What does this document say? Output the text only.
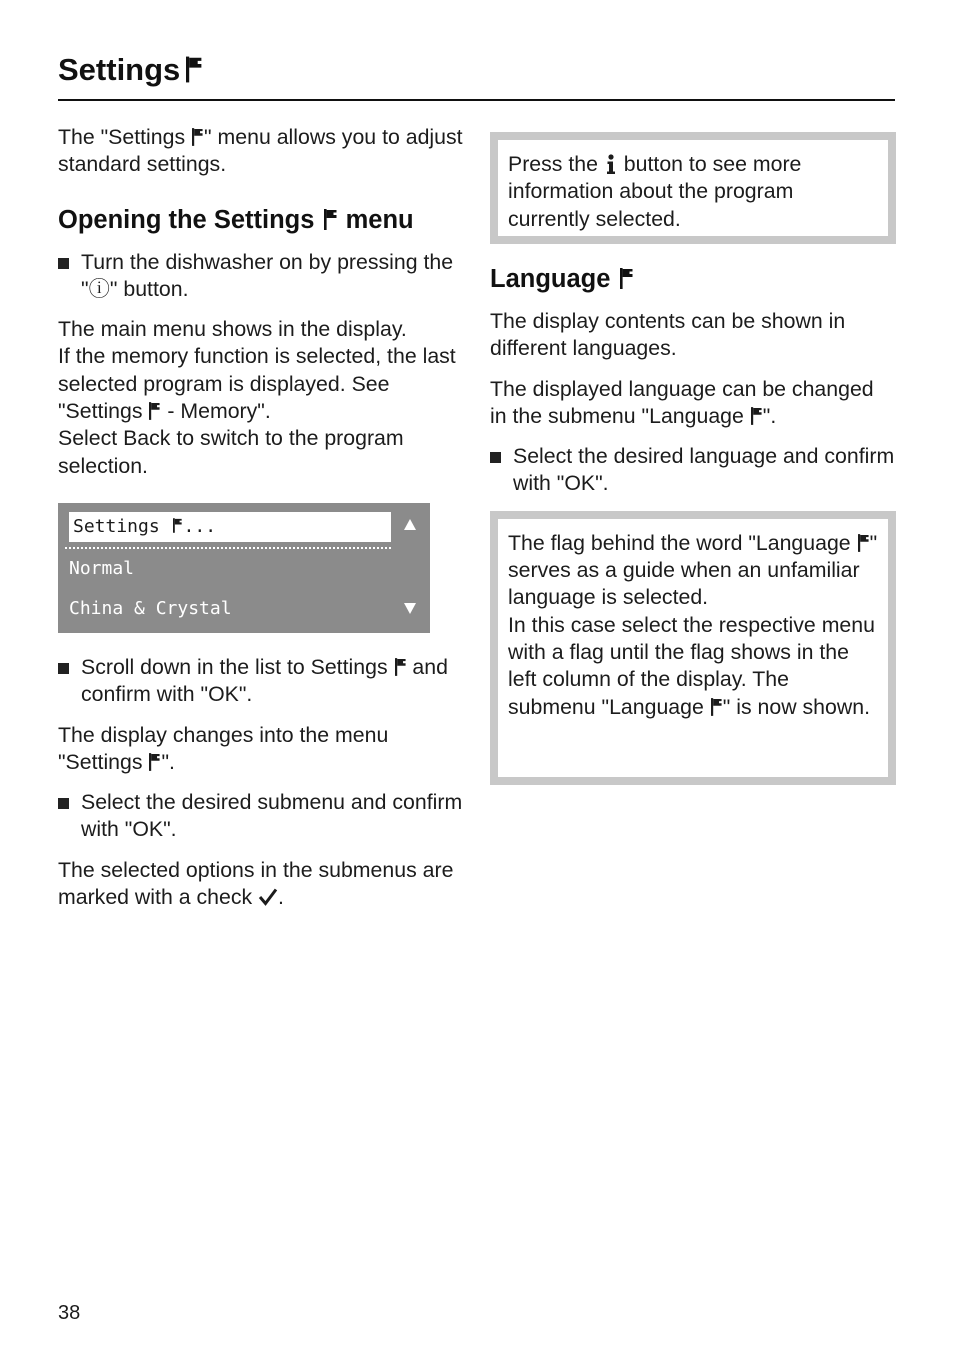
Settings

The "Settings " menu allows you to adjust standard settings.

Opening the Settings  menu
Turn the dishwasher on by pressing the "ⓘ" button.

The main menu shows in the display.
If the memory function is selected, the last selected program is displayed. See "Settings  - Memory".
Select Back to switch to the program selection.

Settings ...
Normal
China & Crystal
Scroll down in the list to Settings  and confirm with "OK".

The display changes into the menu "Settings ".

Select the desired submenu and confirm with "OK".

The selected options in the submenus are marked with a check .

Press the  button to see more information about the program currently selected.
Language

The display contents can be shown in different languages.

The displayed language can be changed in the submenu "Language ".

Select the desired language and confirm with "OK".
The flag behind the word "Language " serves as a guide when an unfamiliar language is selected.
In this case select the respective menu with a flag until the flag shows in the left column of the display. The submenu "Language " is now shown.
38
